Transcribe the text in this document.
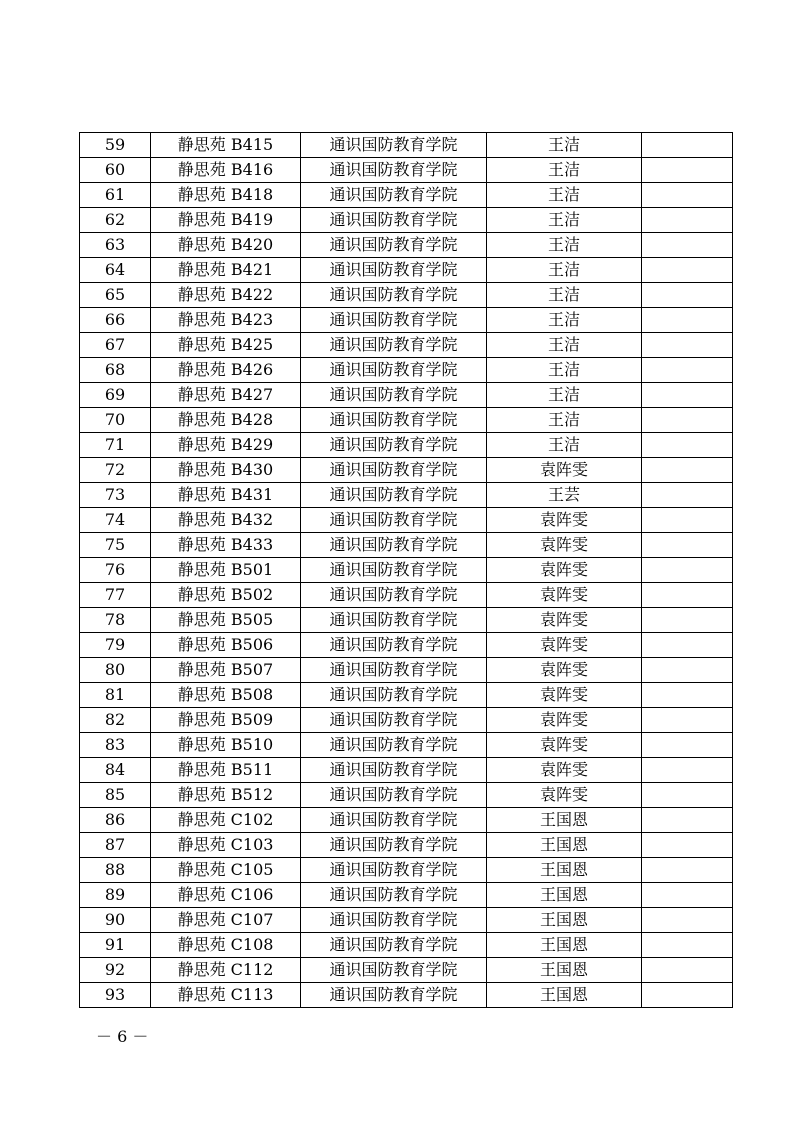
59	静思苑 B415	通识国防教育学院	王洁	
60	静思苑 B416	通识国防教育学院	王洁	
61	静思苑 B418	通识国防教育学院	王洁	
62	静思苑 B419	通识国防教育学院	王洁	
63	静思苑 B420	通识国防教育学院	王洁	
64	静思苑 B421	通识国防教育学院	王洁	
65	静思苑 B422	通识国防教育学院	王洁	
66	静思苑 B423	通识国防教育学院	王洁	
67	静思苑 B425	通识国防教育学院	王洁	
68	静思苑 B426	通识国防教育学院	王洁	
69	静思苑 B427	通识国防教育学院	王洁	
70	静思苑 B428	通识国防教育学院	王洁	
71	静思苑 B429	通识国防教育学院	王洁	
72	静思苑 B430	通识国防教育学院	袁阵雯	
73	静思苑 B431	通识国防教育学院	王芸	
74	静思苑 B432	通识国防教育学院	袁阵雯	
75	静思苑 B433	通识国防教育学院	袁阵雯	
76	静思苑 B501	通识国防教育学院	袁阵雯	
77	静思苑 B502	通识国防教育学院	袁阵雯	
78	静思苑 B505	通识国防教育学院	袁阵雯	
79	静思苑 B506	通识国防教育学院	袁阵雯	
80	静思苑 B507	通识国防教育学院	袁阵雯	
81	静思苑 B508	通识国防教育学院	袁阵雯	
82	静思苑 B509	通识国防教育学院	袁阵雯	
83	静思苑 B510	通识国防教育学院	袁阵雯	
84	静思苑 B511	通识国防教育学院	袁阵雯	
85	静思苑 B512	通识国防教育学院	袁阵雯	
86	静思苑 C102	通识国防教育学院	王国恩	
87	静思苑 C103	通识国防教育学院	王国恩	
88	静思苑 C105	通识国防教育学院	王国恩	
89	静思苑 C106	通识国防教育学院	王国恩	
90	静思苑 C107	通识国防教育学院	王国恩	
91	静思苑 C108	通识国防教育学院	王国恩	
92	静思苑 C112	通识国防教育学院	王国恩	
93	静思苑 C113	通识国防教育学院	王国恩	
－ 6 －
